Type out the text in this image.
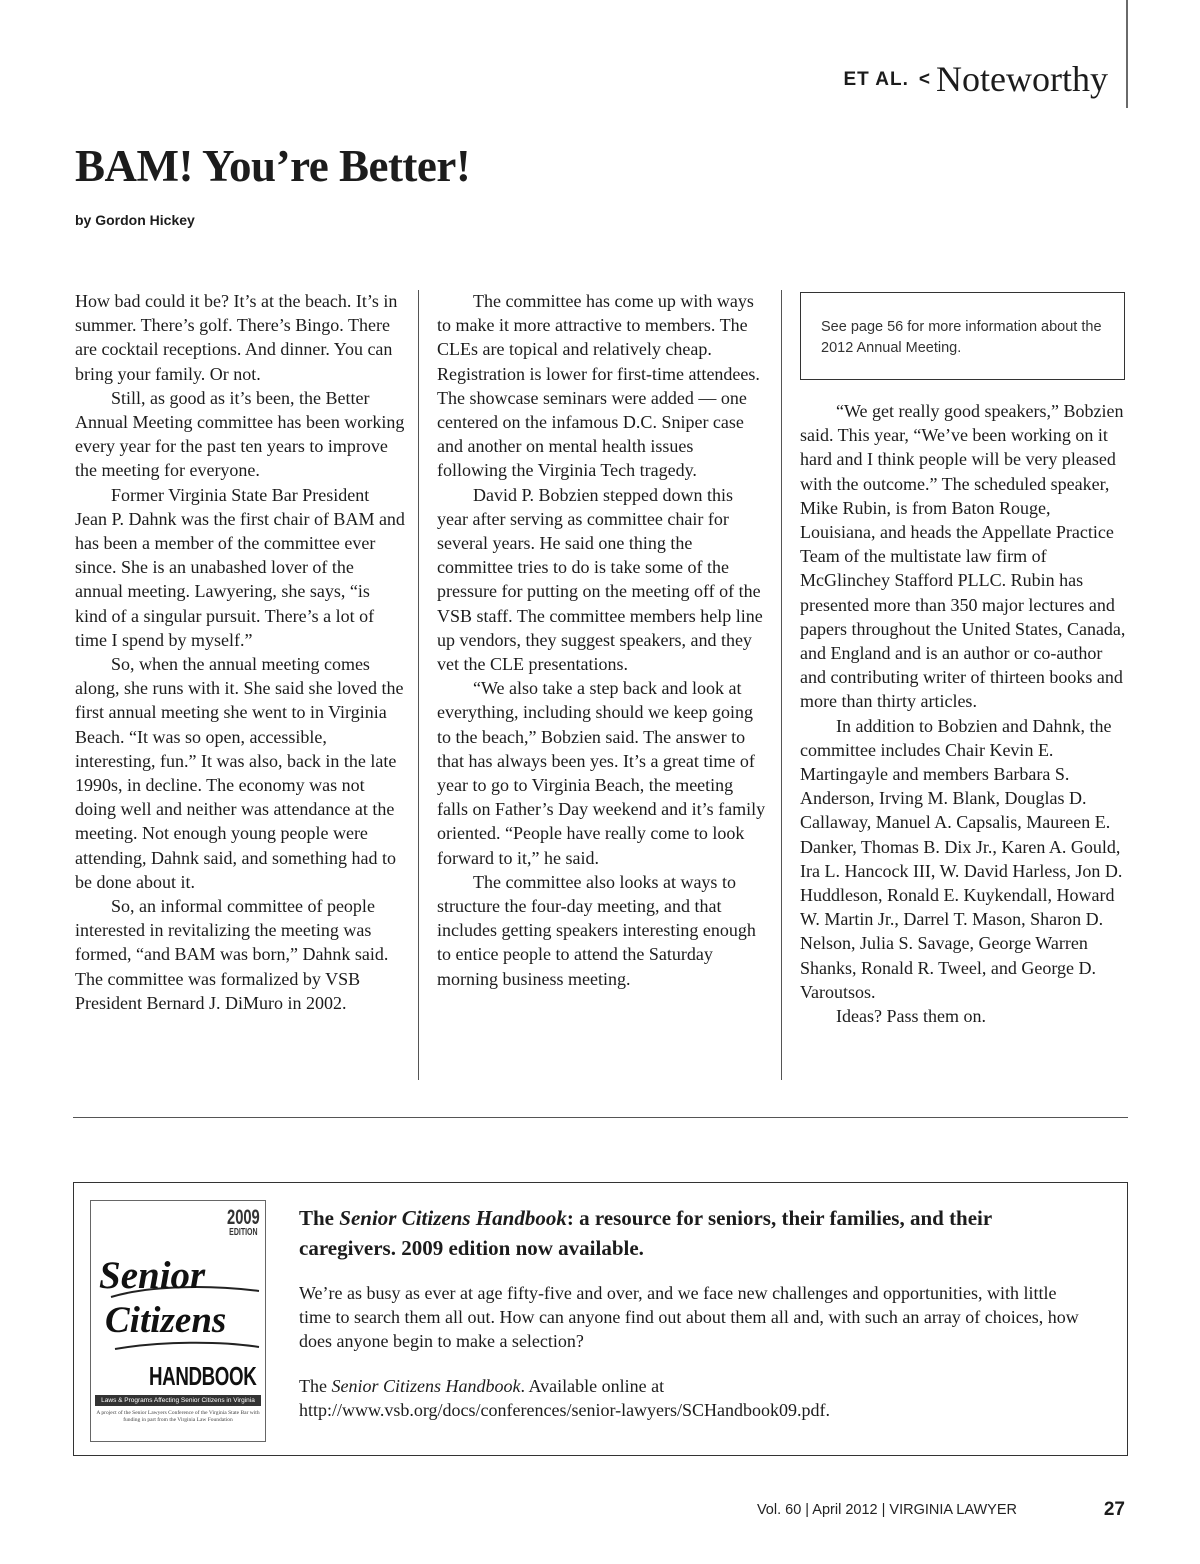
ET AL. < Noteworthy
BAM! You’re Better!
by Gordon Hickey

How bad could it be? It’s at the beach. It’s in summer. There’s golf. There’s Bingo. There are cocktail receptions. And dinner. You can bring your family. Or not.

Still, as good as it’s been, the Better Annual Meeting committee has been working every year for the past ten years to improve the meeting for everyone.

Former Virginia State Bar President Jean P. Dahnk was the first chair of BAM and has been a member of the committee ever since. She is an unabashed lover of the annual meeting. Lawyering, she says, “is kind of a singular pursuit. There’s a lot of time I spend by myself.”

So, when the annual meeting comes along, she runs with it. She said she loved the first annual meeting she went to in Virginia Beach. “It was so open, accessible, interesting, fun.” It was also, back in the late 1990s, in decline. The economy was not doing well and neither was attendance at the meeting. Not enough young people were attending, Dahnk said, and something had to be done about it.

So, an informal committee of people interested in revitalizing the meeting was formed, “and BAM was born,” Dahnk said. The committee was formalized by VSB President Bernard J. DiMuro in 2002.

The committee has come up with ways to make it more attractive to members. The CLEs are topical and relatively cheap. Registration is lower for first-time attendees. The showcase seminars were added — one centered on the infamous D.C. Sniper case and another on mental health issues following the Virginia Tech tragedy.

David P. Bobzien stepped down this year after serving as committee chair for several years. He said one thing the committee tries to do is take some of the pressure for putting on the meeting off of the VSB staff. The committee members help line up vendors, they suggest speakers, and they vet the CLE presentations.

“We also take a step back and look at everything, including should we keep going to the beach,” Bobzien said. The answer to that has always been yes. It’s a great time of year to go to Virginia Beach, the meeting falls on Father’s Day weekend and it’s family oriented. “People have really come to look forward to it,” he said.

The committee also looks at ways to structure the four-day meeting, and that includes getting speakers interesting enough to entice people to attend the Saturday morning business meeting.

See page 56 for more information about the 2012 Annual Meeting.

“We get really good speakers,” Bobzien said. This year, “We’ve been working on it hard and I think people will be very pleased with the outcome.” The scheduled speaker, Mike Rubin, is from Baton Rouge, Louisiana, and heads the Appellate Practice Team of the multistate law firm of McGlinchey Stafford PLLC. Rubin has presented more than 350 major lectures and papers throughout the United States, Canada, and England and is an author or co-author and contributing writer of thirteen books and more than thirty articles.

In addition to Bobzien and Dahnk, the committee includes Chair Kevin E. Martingayle and members Barbara S. Anderson, Irving M. Blank, Douglas D. Callaway, Manuel A. Capsalis, Maureen E. Danker, Thomas B. Dix Jr., Karen A. Gould, Ira L. Hancock III, W. David Harless, Jon D. Huddleson, Ronald E. Kuykendall, Howard W. Martin Jr., Darrel T. Mason, Sharon D. Nelson, Julia S. Savage, George Warren Shanks, Ronald R. Tweel, and George D. Varoutsos.

Ideas? Pass them on.

2009
EDITION
Senior
Citizens
HANDBOOK
Laws & Programs Affecting Senior Citizens in Virginia
A project of the Senior Lawyers Conference of the Virginia State Bar with funding in part from the Virginia Law Foundation
The Senior Citizens Handbook: a resource for seniors, their families, and their caregivers. 2009 edition now available.
We’re as busy as ever at age fifty-five and over, and we face new challenges and opportunities, with little time to search them all out. How can anyone find out about them all and, with such an array of choices, how does anyone begin to make a selection?
The Senior Citizens Handbook. Available online at
http://www.vsb.org/docs/conferences/senior-lawyers/SCHandbook09.pdf.
Vol. 60 | April 2012 | VIRGINIA LAWYER	27
